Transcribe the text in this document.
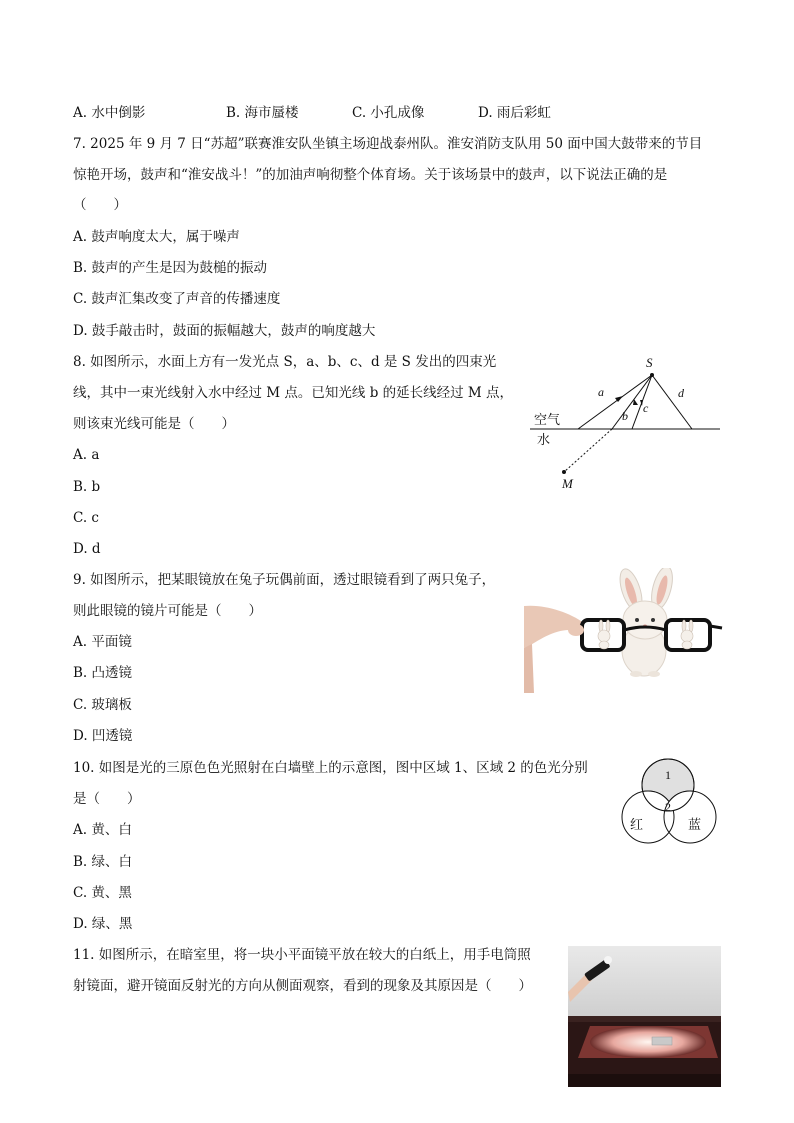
A. 水中倒影	B. 海市蜃楼	C. 小孔成像	D. 雨后彩虹
7. 2025 年 9 月 7 日“苏超”联赛淮安队坐镇主场迎战泰州队。淮安消防支队用 50 面中国大鼓带来的节目
惊艳开场，鼓声和“淮安战斗！”的加油声响彻整个体育场。关于该场景中的鼓声，以下说法正确的是
（　　）
A. 鼓声响度太大，属于噪声
B. 鼓声的产生是因为鼓槌的振动
C. 鼓声汇集改变了声音的传播速度
D. 鼓手敲击时，鼓面的振幅越大，鼓声的响度越大
8. 如图所示，水面上方有一发光点 S，a、b、c、d 是 S 发出的四束光
线，其中一束光线射入水中经过 M 点。已知光线 b 的延长线经过 M 点，
则该束光线可能是（　　）
A. a
B. b
C. c
D. d
S
a
b
c
d
空气
水
M
9. 如图所示，把某眼镜放在兔子玩偶前面，透过眼镜看到了两只兔子，
则此眼镜的镜片可能是（　　）
A. 平面镜
B. 凸透镜
C. 玻璃板
D. 凹透镜
10. 如图是光的三原色色光照射在白墙壁上的示意图，图中区域 1、区域 2 的色光分别
是（　　）
A. 黄、白
B. 绿、白
C. 黄、黑
D. 绿、黑
1
2
红	蓝
11. 如图所示，在暗室里，将一块小平面镜平放在较大的白纸上，用手电筒照
射镜面，避开镜面反射光的方向从侧面观察，看到的现象及其原因是（　　）
